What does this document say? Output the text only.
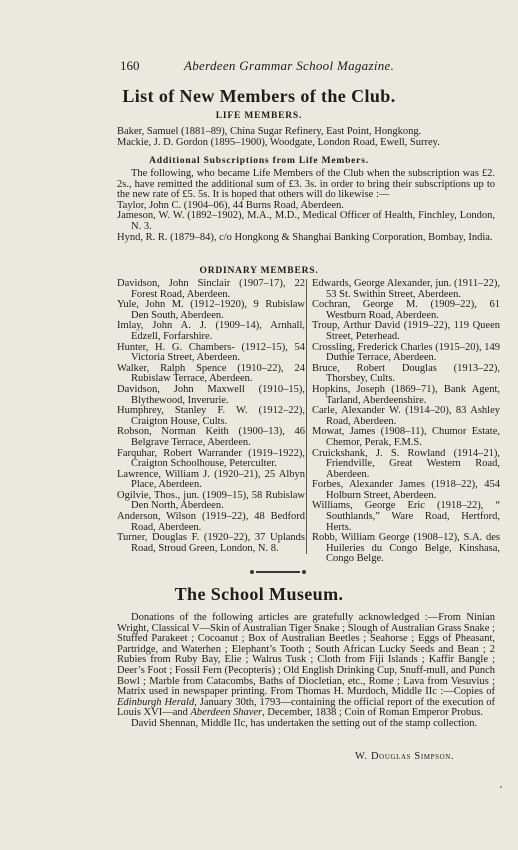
160	Aberdeen Grammar School Magazine.
List of New Members of the Club.
LIFE MEMBERS.

Baker, Samuel (1881–89), China Sugar Refinery, East Point, Hongkong.

Mackie, J. D. Gordon (1895–1900), Woodgate, London Road, Ewell, Surrey.

Additional Subscriptions from Life Members.

The following, who became Life Members of the Club when the subscription was £2. 2s., have remitted the additional sum of £3. 3s. in order to bring their subscriptions up to the new rate of £5. 5s. It is hoped that others will do likewise :—

Taylor, John C. (1904–06), 44 Burns Road, Aberdeen.

Jameson, W. W. (1892–1902), M.A., M.D., Medical Officer of Health, Finchley, London, N. 3.

Hynd, R. R. (1879–84), c/o Hongkong & Shanghai Banking Corporation, Bombay, India.

ORDINARY MEMBERS.

Davidson, John Sinclair (1907–17), 22 Forest Road, Aberdeen.

Yule, John M. (1912–1920), 9 Rubislaw Den South, Aberdeen.

Imlay, John A. J. (1909–14), Arnhall, Edzell, Forfarshire.

Hunter, H. G. Chambers- (1912–15), 54 Victoria Street, Aberdeen.

Walker, Ralph Spence (1910–22), 24 Rubislaw Terrace, Aberdeen.

Davidson, John Maxwell (1910–15), Blythewood, Inverurie.

Humphrey, Stanley F. W. (1912–22), Craigton House, Cults.

Robson, Norman Keith (1900–13), 46 Belgrave Terrace, Aberdeen.

Farquhar, Robert Warrander (1919–1922), Craigton Schoolhouse, Peterculter.

Lawrence, William J. (1920–21), 25 Albyn Place, Aberdeen.

Ogilvie, Thos., jun. (1909–15), 58 Rubislaw Den North, Aberdeen.

Anderson, Wilson (1919–22), 48 Bedford Road, Aberdeen.

Turner, Douglas F. (1920–22), 37 Uplands Road, Stroud Green, London, N. 8.

Edwards, George Alexander, jun. (1911–22), 53 St. Swithin Street, Aberdeen.

Cochran, George M. (1909–22), 61 Westburn Road, Aberdeen.

Troup, Arthur David (1919–22), 119 Queen Street, Peterhead.

Crossling, Frederick Charles (1915–20), 149 Duthie Terrace, Aberdeen.

Bruce, Robert Douglas (1913–22), Thorsbey, Cults.

Hopkins, Joseph (1869–71), Bank Agent, Tarland, Aberdeenshire.

Carle, Alexander W. (1914–20), 83 Ashley Road, Aberdeen.

Mowat, James (1908–11), Chumor Estate, Chemor, Perak, F.M.S.

Cruickshank, J. S. Rowland (1914–21), Friendville, Great Western Road, Aberdeen.

Forbes, Alexander James (1918–22), 454 Holburn Street, Aberdeen.

Williams, George Eric (1918–22), “ Southlands,” Ware Road, Hertford, Herts.

Robb, William George (1908–12), S.A. des Huileries du Congo Belge, Kinshasa, Congo Belge.

The School Museum.

Donations of the following articles are gratefully acknowledged :—From Ninian Wright, Classical V—Skin of Australian Tiger Snake ; Slough of Australian Grass Snake ; Stuffed Parakeet ; Cocoanut ; Box of Australian Beetles ; Seahorse ; Eggs of Pheasant, Partridge, and Waterhen ; Elephant’s Tooth ; South African Lucky Seeds and Bean ; 2 Rubies from Ruby Bay, Elie ; Walrus Tusk ; Cloth from Fiji Islands ; Kaffir Bangle ; Deer’s Foot ; Fossil Fern (Pecopteris) ; Old English Drinking Cup, Snuff-mull, and Punch Bowl ; Marble from Catacombs, Baths of Diocletian, etc., Rome ; Lava from Vesuvius ; Matrix used in newspaper printing. From Thomas H. Murdoch, Middle IIc :—Copies of Edinburgh Herald, January 30th, 1793—containing the official report of the execution of Louis XVI—and Aberdeen Shaver, December, 1838 ; Coin of Roman Emperor Probus.

David Shennan, Middle IIc, has undertaken the setting out of the stamp collection.

W. Douglas Simpson.
